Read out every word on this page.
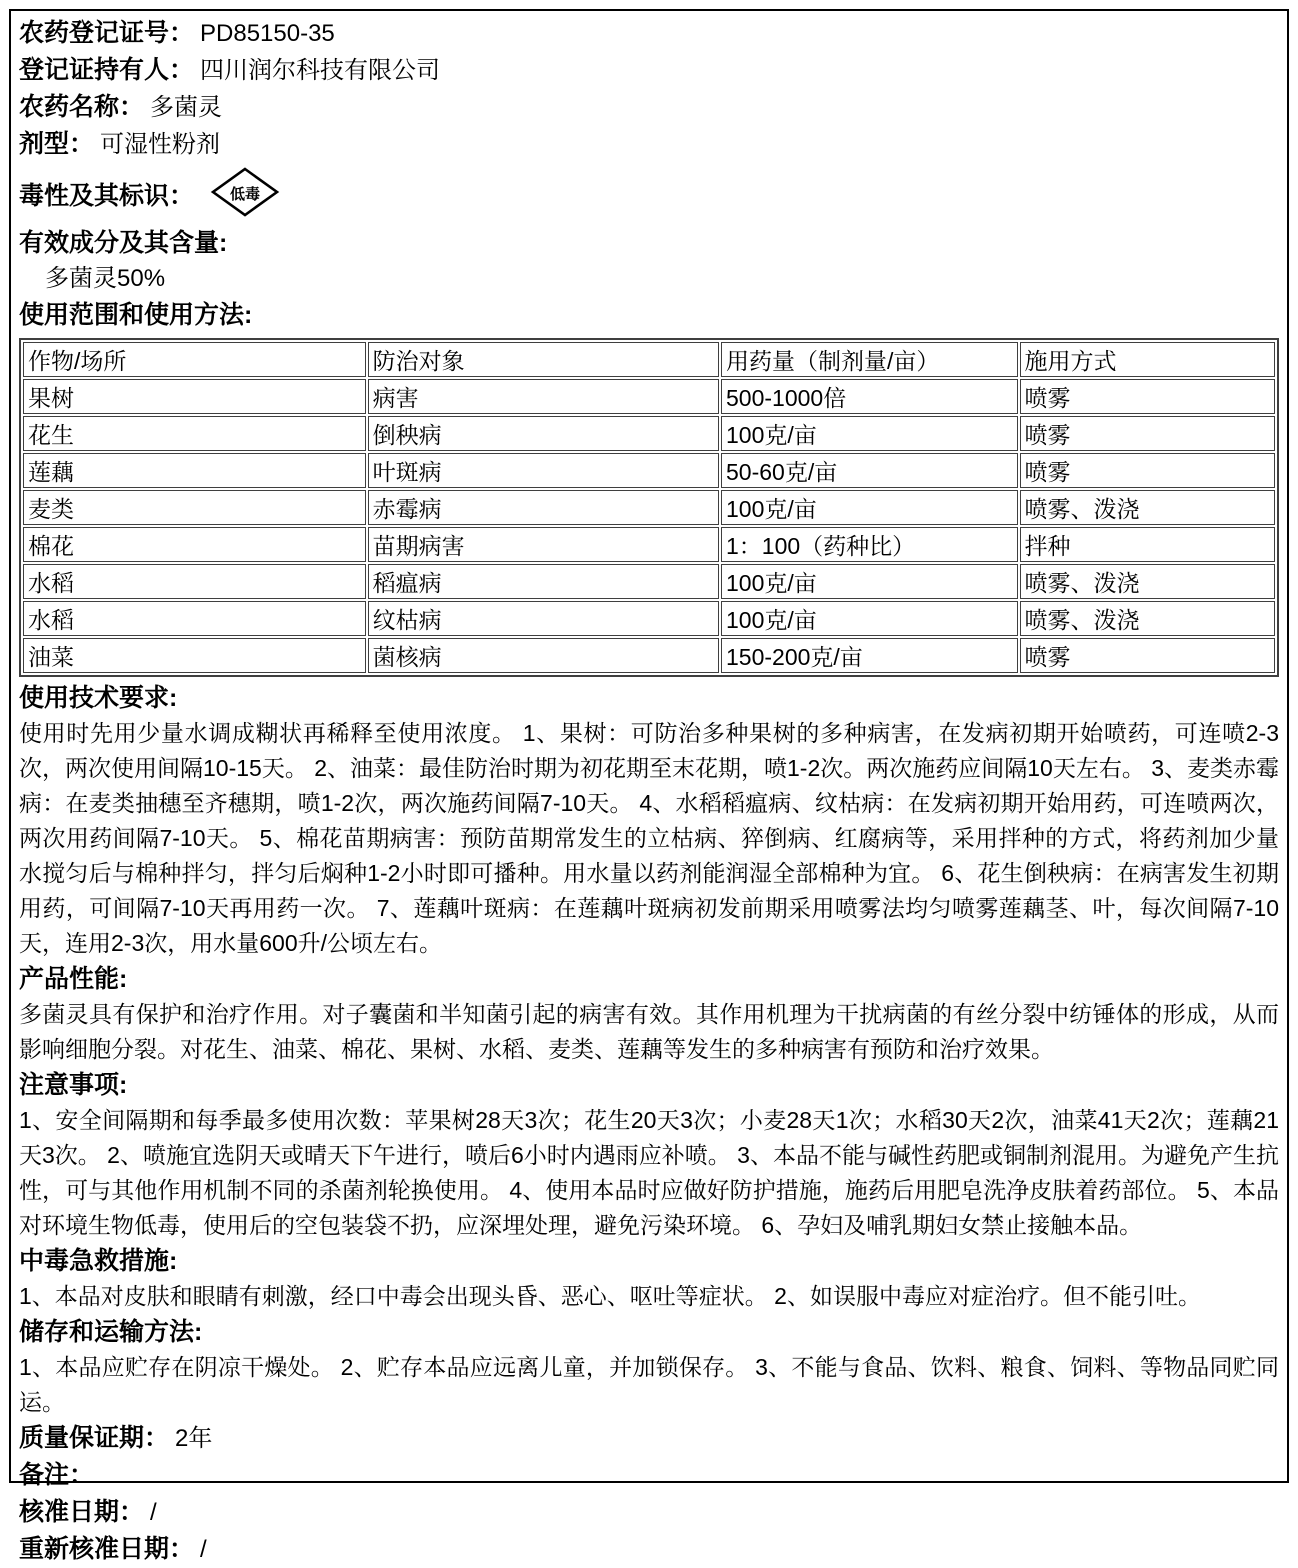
农药登记证号： PD85150-35
登记证持有人： 四川润尔科技有限公司
农药名称： 多菌灵
剂型： 可湿性粉剂
毒性及其标识： 低毒
有效成分及其含量:
多菌灵50%
使用范围和使用方法:
作物/场所	防治对象	用药量（制剂量/亩）	施用方式
果树	病害	500-1000倍	喷雾
花生	倒秧病	100克/亩	喷雾
莲藕	叶斑病	50-60克/亩	喷雾
麦类	赤霉病	100克/亩	喷雾、泼浇
棉花	苗期病害	1：100（药种比）	拌种
水稻	稻瘟病	100克/亩	喷雾、泼浇
水稻	纹枯病	100克/亩	喷雾、泼浇
油菜	菌核病	150-200克/亩	喷雾
使用技术要求:
使用时先用少量水调成糊状再稀释至使用浓度。 1、果树：可防治多种果树的多种病害，在发病初期开始喷药，可连喷2-3次，两次使用间隔10-15天。 2、油菜：最佳防治时期为初花期至末花期，喷1-2次。两次施药应间隔10天左右。 3、麦类赤霉病：在麦类抽穗至齐穗期，喷1-2次，两次施药间隔7-10天。 4、水稻稻瘟病、纹枯病：在发病初期开始用药，可连喷两次，两次用药间隔7-10天。 5、棉花苗期病害：预防苗期常发生的立枯病、猝倒病、红腐病等，采用拌种的方式，将药剂加少量水搅匀后与棉种拌匀，拌匀后焖种1-2小时即可播种。用水量以药剂能润湿全部棉种为宜。 6、花生倒秧病：在病害发生初期用药，可间隔7-10天再用药一次。 7、莲藕叶斑病：在莲藕叶斑病初发前期采用喷雾法均匀喷雾莲藕茎、叶，每次间隔7-10天，连用2-3次，用水量600升/公顷左右。
产品性能:
多菌灵具有保护和治疗作用。对子囊菌和半知菌引起的病害有效。其作用机理为干扰病菌的有丝分裂中纺锤体的形成，从而影响细胞分裂。对花生、油菜、棉花、果树、水稻、麦类、莲藕等发生的多种病害有预防和治疗效果。
注意事项:
1、安全间隔期和每季最多使用次数：苹果树28天3次；花生20天3次；小麦28天1次；水稻30天2次，油菜41天2次；莲藕21天3次。 2、喷施宜选阴天或晴天下午进行，喷后6小时内遇雨应补喷。 3、本品不能与碱性药肥或铜制剂混用。为避免产生抗性，可与其他作用机制不同的杀菌剂轮换使用。 4、使用本品时应做好防护措施，施药后用肥皂洗净皮肤着药部位。 5、本品对环境生物低毒，使用后的空包装袋不扔，应深埋处理，避免污染环境。 6、孕妇及哺乳期妇女禁止接触本品。
中毒急救措施:
1、本品对皮肤和眼睛有刺激，经口中毒会出现头昏、恶心、呕吐等症状。 2、如误服中毒应对症治疗。但不能引吐。
储存和运输方法:
1、本品应贮存在阴凉干燥处。 2、贮存本品应远离儿童，并加锁保存。 3、不能与食品、饮料、粮食、饲料、等物品同贮同运。
质量保证期： 2年
备注：
核准日期： /
重新核准日期： /
